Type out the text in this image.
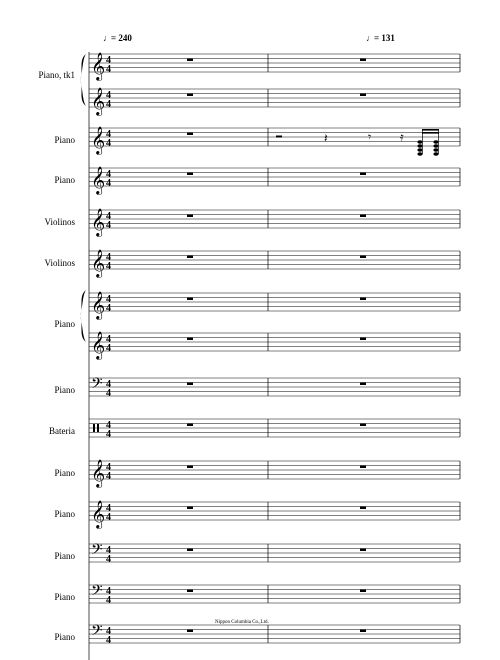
♩ = 240	♩ = 131
𝄞 4
4
Piano, tk1
𝄞 4
4
𝄞 4
4
Piano	𝄽	𝄾 𝄿
𝄞 4
4
Piano
𝄞 4
4
Violinos
𝄞 4
4
Violinos
𝄞 4
4
Piano
𝄞 4
4
𝄢 4
4
Piano
4
4
Bateria
𝄞 4
4
Piano
𝄞 4
4
Piano
𝄢 4
4
Piano
𝄢 4
4
Piano
𝄢 4
4
Piano
Nippon Columbia Co.,Ltd.
